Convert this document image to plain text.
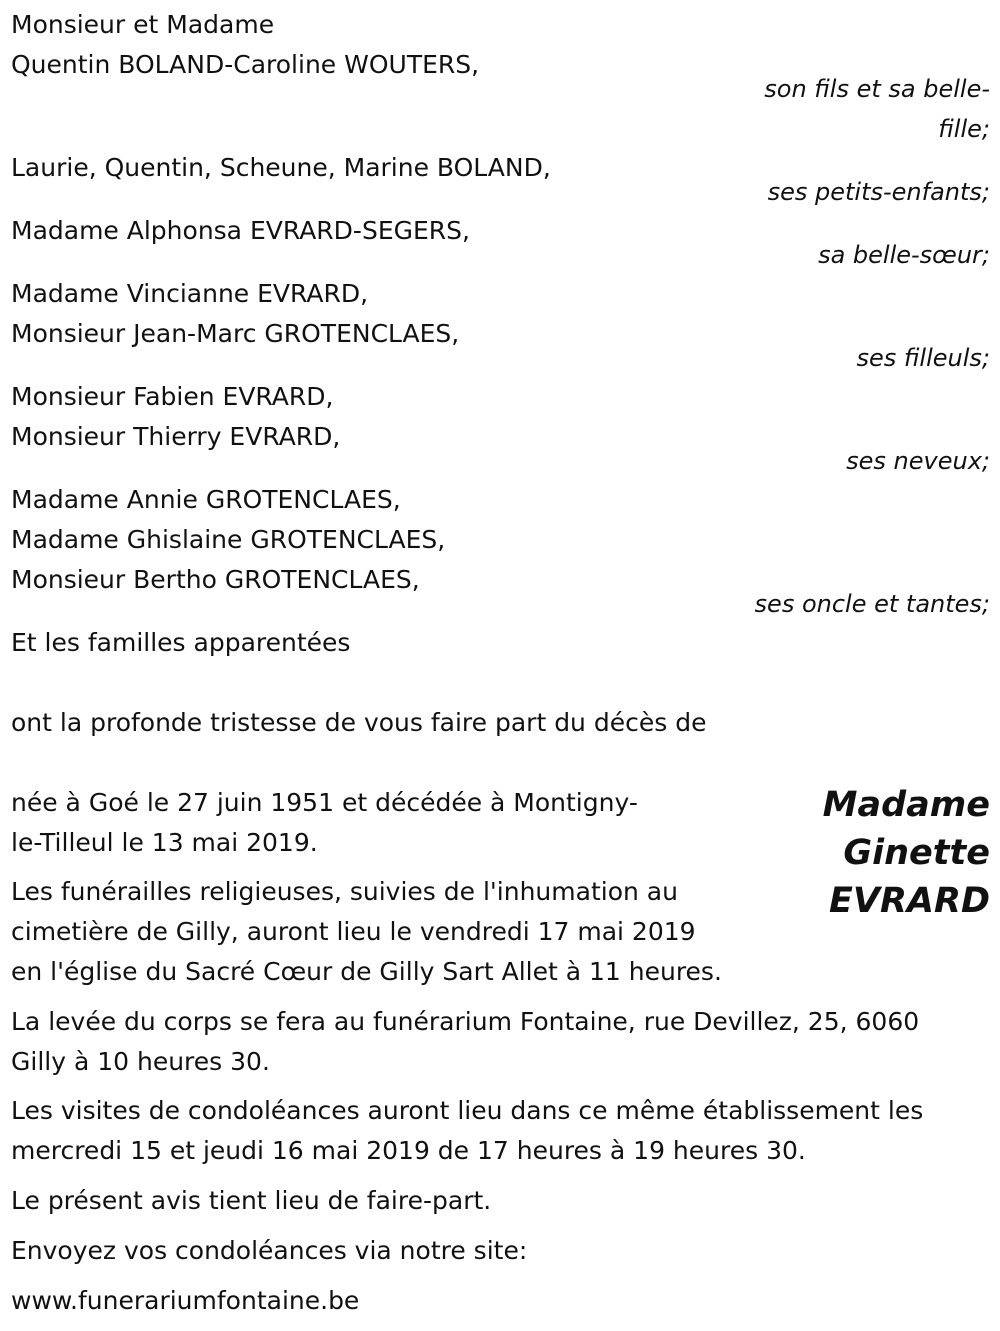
Monsieur et Madame

Quentin BOLAND-Caroline WOUTERS,

son fils et sa belle-
fille;

Laurie, Quentin, Scheune, Marine BOLAND,

ses petits-enfants;

Madame Alphonsa EVRARD-SEGERS,

sa belle-sœur;

Madame Vincianne EVRARD,

Monsieur Jean-Marc GROTENCLAES,

ses filleuls;

Monsieur Fabien EVRARD,

Monsieur Thierry EVRARD,

ses neveux;

Madame Annie GROTENCLAES,

Madame Ghislaine GROTENCLAES,

Monsieur Bertho GROTENCLAES,

ses oncle et tantes;

Et les familles apparentées

ont la profonde tristesse de vous faire part du décès de

Madame
Ginette
EVRARD

née à Goé le 27 juin 1951 et décédée à Montigny-

le-Tilleul le 13 mai 2019.

Les funérailles religieuses, suivies de l'inhumation au

cimetière de Gilly, auront lieu le vendredi 17 mai 2019

en l'église du Sacré Cœur de Gilly Sart Allet à 11 heures.

La levée du corps se fera au funérarium Fontaine, rue Devillez, 25, 6060

Gilly à 10 heures 30.

Les visites de condoléances auront lieu dans ce même établissement les

mercredi 15 et jeudi 16 mai 2019 de 17 heures à 19 heures 30.

Le présent avis tient lieu de faire-part.

Envoyez vos condoléances via notre site:

www.funerariumfontaine.be
